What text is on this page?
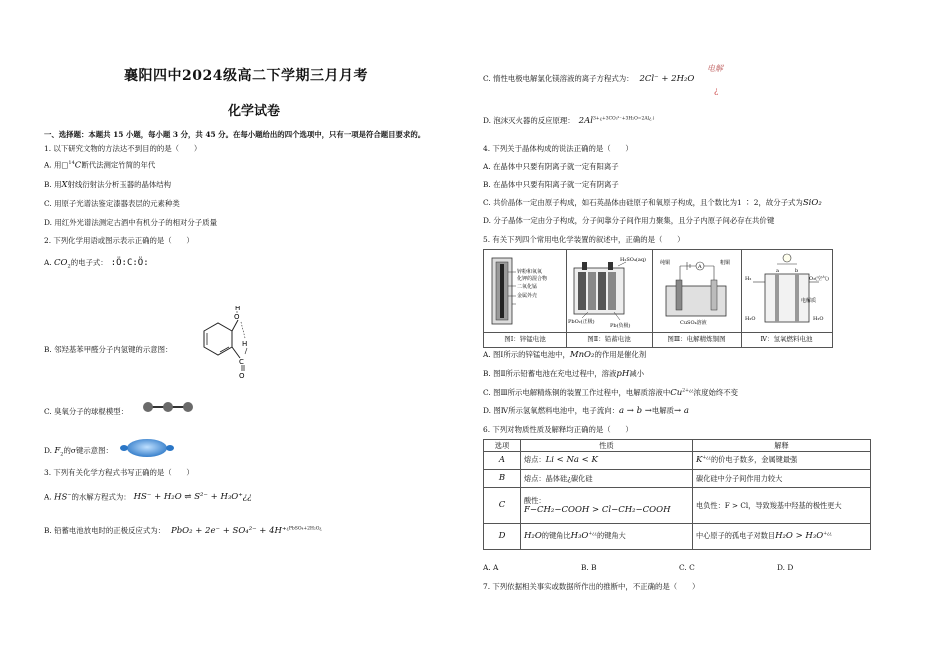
襄阳四中2024级高二下学期三月月考
化学试卷
一、选择题：本题共 15 小题，每小题 3 分，共 45 分。在每小题给出的四个选项中，只有一项是符合题目要求的。
1. 以下研究文物的方法达不到目的的是（　　）
A. 用□$^{14}$C断代法测定竹简的年代
B. 用X射线衍射法分析玉器的晶体结构
C. 用原子光谱法鉴定漆器表层的元素种类
D. 用红外光谱法测定古酒中有机分子的相对分子质量
2. 下列化学用语或图示表示正确的是（　　）
A. $CO_2$的电子式： :Ö:C:Ö:
B. 邻羟基苯甲醛分子内氢键的示意图：
O
H
H
C
O
C. 臭氧分子的球棍模型：
D. $F_2$的σ键示意图：
3. 下列有关化学方程式书写正确的是（　　）
A. HS−的水解方程式为： HS⁻ + H₂O ⇌ S²⁻ + H₃O⁺¿¿
B. 铅蓄电池放电时的正极反应式为： PbO₂ + 2e⁻ + SO₄²⁻ + 4H⁺$^{¿PbSO_4+2H_2O¿}$
C. 惰性电极电解氯化镁溶液的离子方程式为： 2Cl⁻ + 2H₂O
电解
¿
D. 泡沫灭火器的反应原理： $2Al^{3+¿+3CO_3^{2-}+3H_2O=2Al¿↓}$
4. 下列关于晶体构成的说法正确的是（　　）
A. 在晶体中只要有阴离子就一定有阳离子
B. 在晶体中只要有阳离子就一定有阴离子
C. 共价晶体一定由原子构成，如石英晶体由硅原子和氧原子构成，且个数比为1 ∶ 2，故分子式为SiO₂
D. 分子晶体一定由分子构成，分子间靠分子间作用力聚集，且分子内原子间必存在共价键
5. 有关下列四个常用电化学装置的叙述中，正确的是（　　）
锌粉和氧氧
化钾的混合物
二氧化锰
金属外壳
H₂SO₄(aq)
PbO₂(正极)
Pb(负极)
A
纯铜	粗铜
CuSO₄溶液
a	b
H₂	O₂(空气)
电解质
H₂O	H₂O
图Ⅰ：锌锰电池	图Ⅱ：铅蓄电池	图Ⅲ：电解精炼铜图	Ⅳ：氢氧燃料电池
A. 图Ⅰ所示的锌锰电池中，MnO₂的作用是催化剂
B. 图Ⅱ所示铅蓄电池在充电过程中，溶液pH减小
C. 图Ⅲ所示电解精炼铜的装置工作过程中，电解质溶液中$Cu^{2+¿¿}$浓度始终不变
D. 图Ⅳ所示氢氧燃料电池中，电子流向：a → b →电解质→ a
6. 下列对物质性质及解释均正确的是（　　）
选项	性质	解释
A	熔点：Li < Na < K	K+¿¿的价电子数多，金属键最强
B	熔点：晶体硅¿碳化硅	碳化硅中分子间作用力较大
C	酸性：
F−CH₂−COOH > Cl−CH₂−COOH	电负性：F > Cl，导致羧基中羟基的极性更大
D	H₂O的键角比H₃O+¿¿的键角大	中心原子的孤电子对数目H₂O > H₃O+¿¿
A. A	B. B	C. C	D. D
7. 下列依据相关事实或数据所作出的推断中，不正确的是（　　）
